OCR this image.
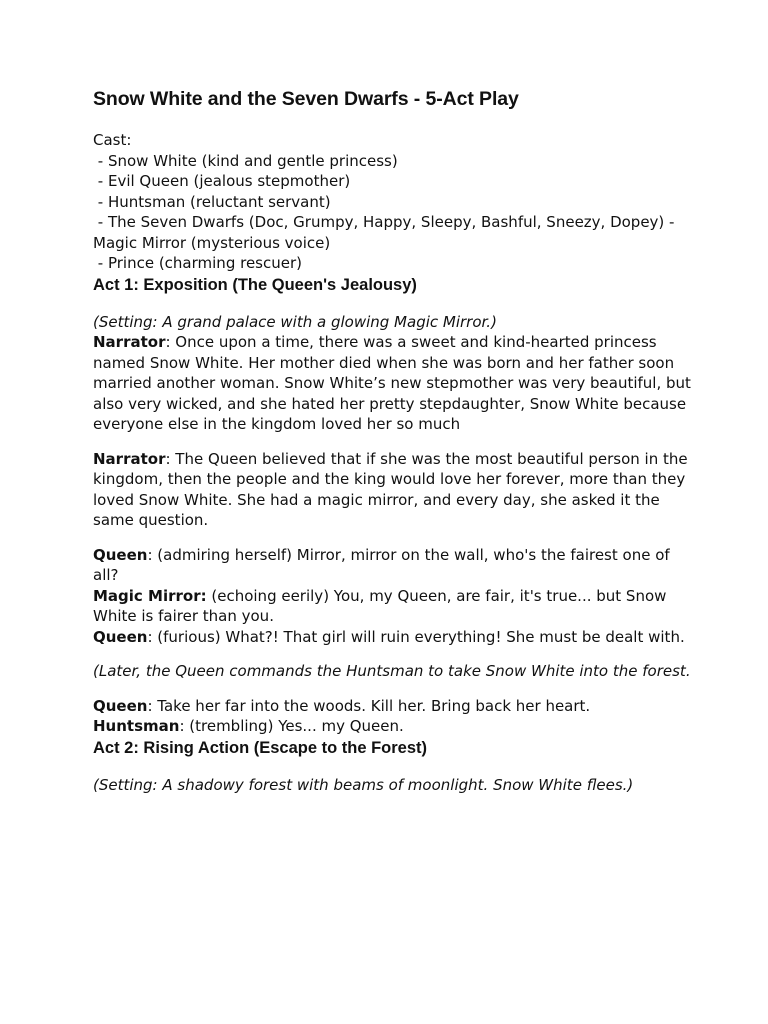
Snow White and the Seven Dwarfs - 5-Act Play

Cast:

- Snow White (kind and gentle princess)

- Evil Queen (jealous stepmother)

- Huntsman (reluctant servant)

- The Seven Dwarfs (Doc, Grumpy, Happy, Sleepy, Bashful, Sneezy, Dopey) - Magic Mirror (mysterious voice)

- Prince (charming rescuer)

Act 1: Exposition (The Queen's Jealousy)

(Setting: A grand palace with a glowing Magic Mirror.)

Narrator: Once upon a time, there was a sweet and kind-hearted princess named Snow White. Her mother died when she was born and her father soon married another woman. Snow White’s new stepmother was very beautiful, but also very wicked, and she hated her pretty stepdaughter, Snow White because everyone else in the kingdom loved her so much

Narrator: The Queen believed that if she was the most beautiful person in the kingdom, then the people and the king would love her forever, more than they loved Snow White. She had a magic mirror, and every day, she asked it the same question.

Queen: (admiring herself) Mirror, mirror on the wall, who's the fairest one of all?

Magic Mirror: (echoing eerily) You, my Queen, are fair, it's true... but Snow White is fairer than you.

Queen: (furious) What?! That girl will ruin everything! She must be dealt with.

(Later, the Queen commands the Huntsman to take Snow White into the forest.

Queen: Take her far into the woods. Kill her. Bring back her heart.

Huntsman: (trembling) Yes... my Queen.

Act 2: Rising Action (Escape to the Forest)

(Setting: A shadowy forest with beams of moonlight. Snow White flees.)
